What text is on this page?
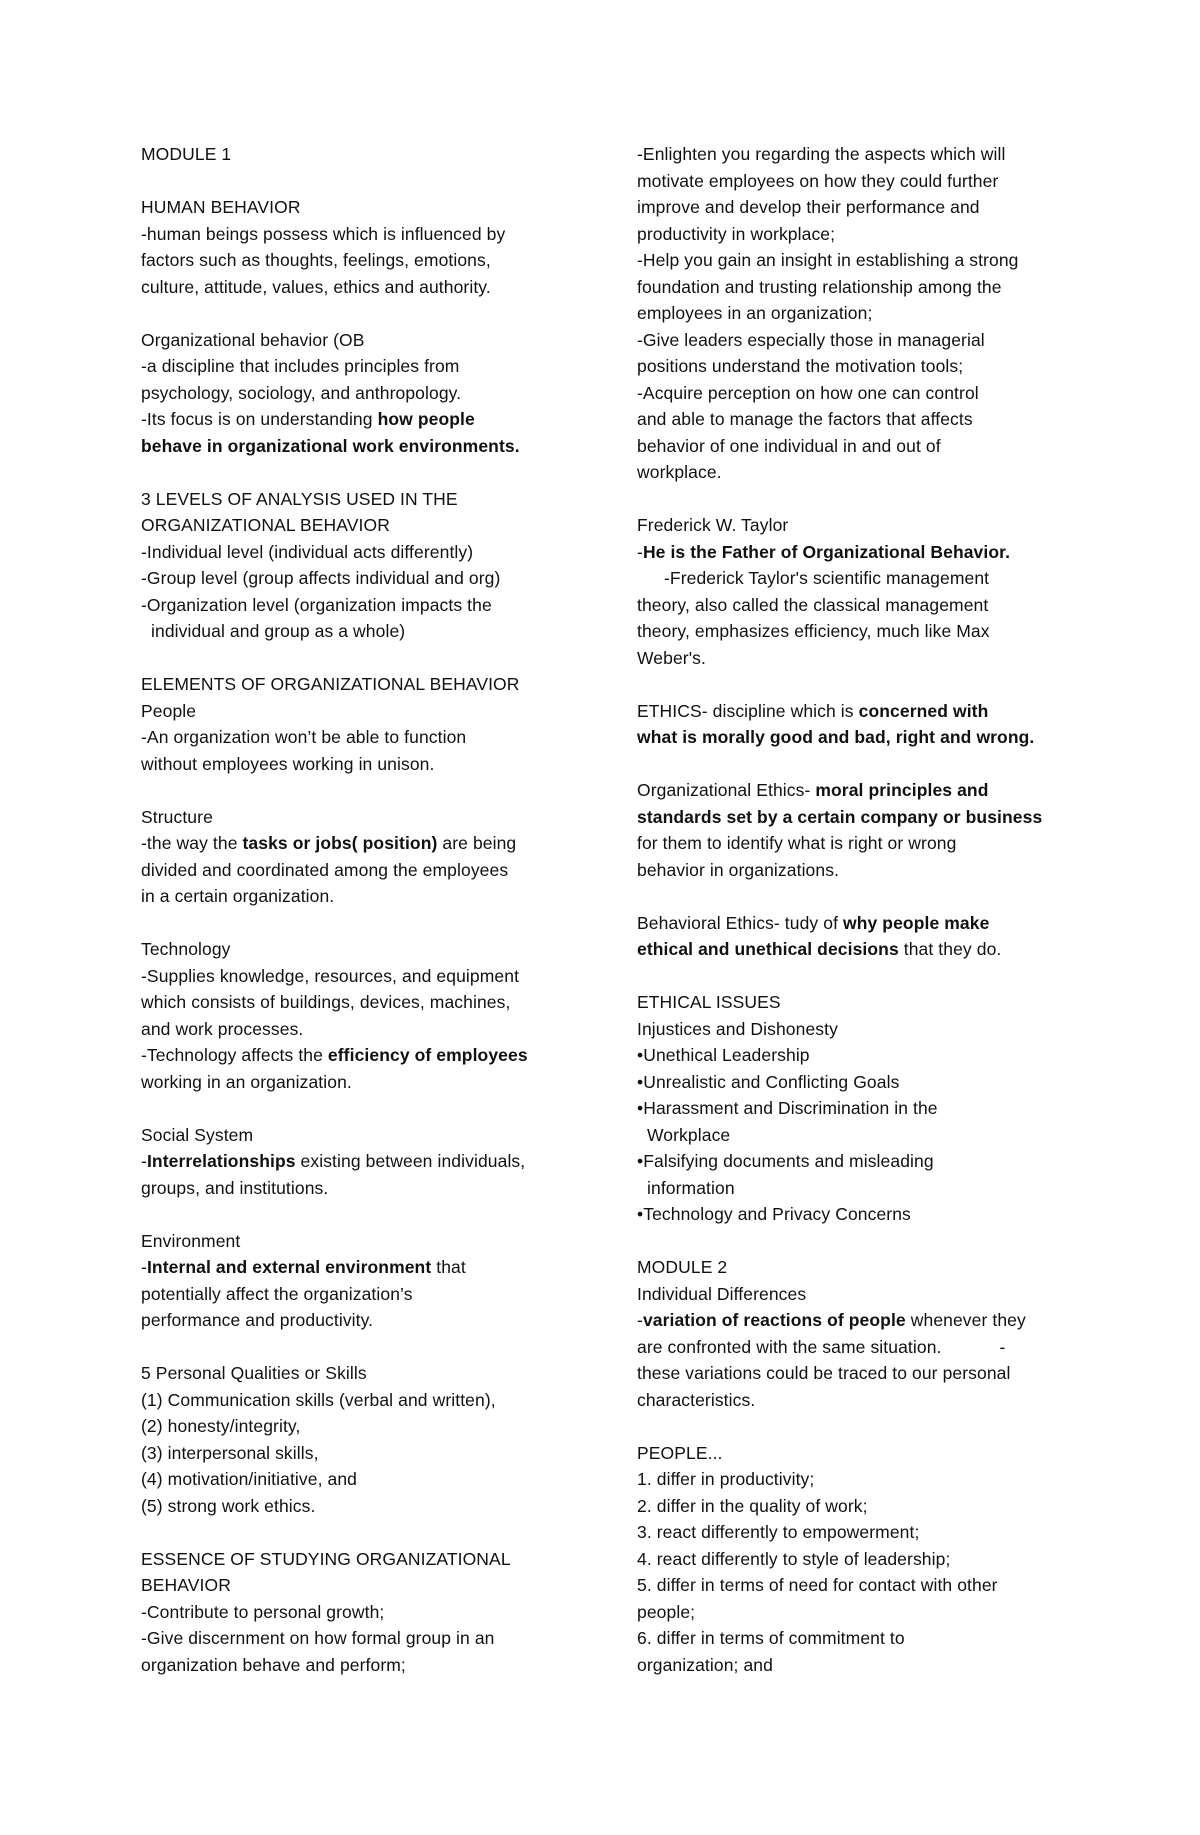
MODULE 1
HUMAN BEHAVIOR
-human beings possess which is influenced by
factors such as thoughts, feelings, emotions,
culture, attitude, values, ethics and authority.
Organizational behavior (OB
-a discipline that includes principles from
psychology, sociology, and anthropology.
-Its focus is on understanding how people
behave in organizational work environments.
3 LEVELS OF ANALYSIS USED IN THE
ORGANIZATIONAL BEHAVIOR
-Individual level (individual acts differently)
-Group level (group affects individual and org)
-Organization level (organization impacts the
individual and group as a whole)
ELEMENTS OF ORGANIZATIONAL BEHAVIOR
People
-An organization won’t be able to function
without employees working in unison.
Structure
-the way the tasks or jobs( position) are being
divided and coordinated among the employees
in a certain organization.
Technology
-Supplies knowledge, resources, and equipment
which consists of buildings, devices, machines,
and work processes.
-Technology affects the efficiency of employees
working in an organization.
Social System
-Interrelationships existing between individuals,
groups, and institutions.
Environment
-Internal and external environment that
potentially affect the organization’s
performance and productivity.
5 Personal Qualities or Skills
(1) Communication skills (verbal and written),
(2) honesty/integrity,
(3) interpersonal skills,
(4) motivation/initiative, and
(5) strong work ethics.
ESSENCE OF STUDYING ORGANIZATIONAL
BEHAVIOR
-Contribute to personal growth;
-Give discernment on how formal group in an
organization behave and perform;
-Enlighten you regarding the aspects which will
motivate employees on how they could further
improve and develop their performance and
productivity in workplace;
-Help you gain an insight in establishing a strong
foundation and trusting relationship among the
employees in an organization;
-Give leaders especially those in managerial
positions understand the motivation tools;
-Acquire perception on how one can control
and able to manage the factors that affects
behavior of one individual in and out of
workplace.
Frederick W. Taylor
-He is the Father of Organizational Behavior.
-Frederick Taylor's scientific management
theory, also called the classical management
theory, emphasizes efficiency, much like Max
Weber's.
ETHICS- discipline which is concerned with
what is morally good and bad, right and wrong.
Organizational Ethics- moral principles and
standards set by a certain company or business
for them to identify what is right or wrong
behavior in organizations.
Behavioral Ethics- tudy of why people make
ethical and unethical decisions that they do.
ETHICAL ISSUES
Injustices and Dishonesty
•Unethical Leadership
•Unrealistic and Conflicting Goals
•Harassment and Discrimination in the
Workplace
•Falsifying documents and misleading
information
•Technology and Privacy Concerns
MODULE 2
Individual Differences
-variation of reactions of people whenever they
are confronted with the same situation.	-
these variations could be traced to our personal
characteristics.
PEOPLE...
1. differ in productivity;
2. differ in the quality of work;
3. react differently to empowerment;
4. react differently to style of leadership;
5. differ in terms of need for contact with other
people;
6. differ in terms of commitment to
organization; and
